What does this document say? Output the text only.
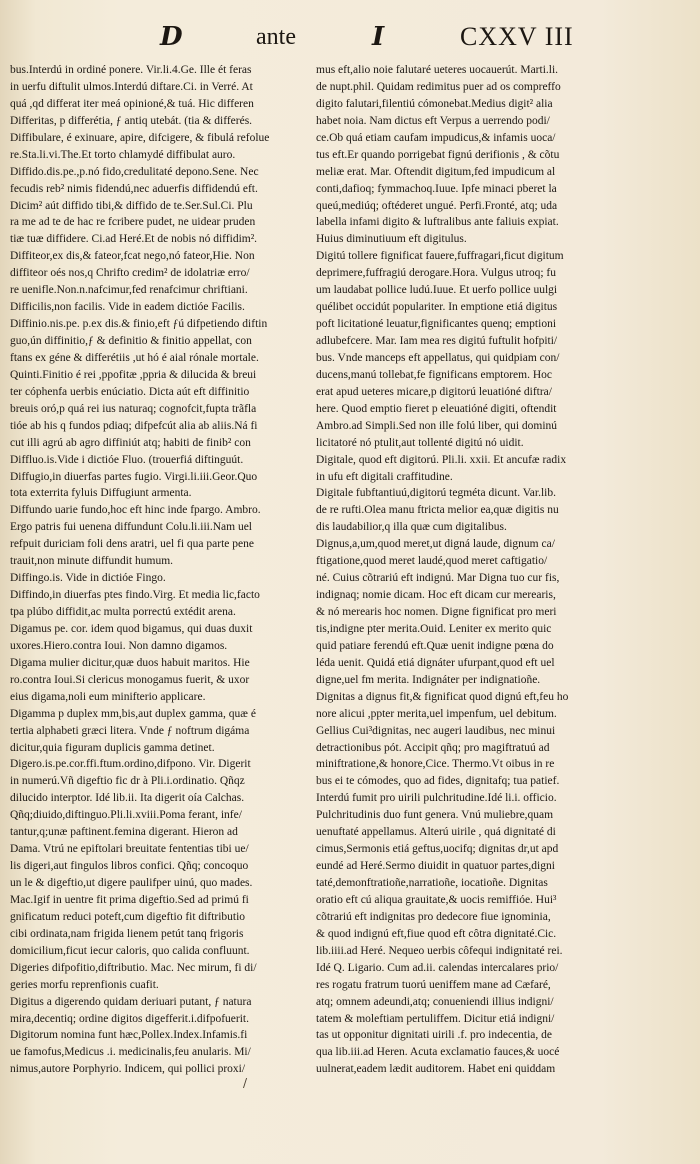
D	ante	I	CXXV III
bus.Interdú in ordiné ponere. Vir.li.4.Ge. Ille ét feras
in uerfu diftulit ulmos.Interdú diftare.Ci. in Verré. At
quá ,qd differat iter meá opinioné,& tuá. Hic differen
Differitas, p differétia, ƒ antiq utebát. (tia & differés.
Diffibulare, é exinuare, apire, difcigere, & fibulá refolue
re.Sta.li.vi.The.Et torto chlamydé diffibulat auro.
Diffido.dis.pe.,p.nó fido,credulitaté depono.Sene. Nec
fecudis reb² nimis fidendú,nec aduerfis diffidendú eft.
Dicim² aút diffido tibi,& diffido de te.Ser.Sul.Ci. Plu
ra me ad te de hac re fcribere pudet, ne uidear pruden
tiæ tuæ diffidere. Ci.ad Heré.Et de nobis nó diffidim².
Diffiteor,ex dis,& fateor,fcat nego,nó fateor,Hie. Non
diffiteor oés nos,q Chrifto credim² de idolatriæ erro/
re uenifle.Non.n.nafcimur,fed renafcimur chriftiani.
Difficilis,non facilis. Vide in eadem dictióe Facilis.
Diffinio.nis.pe. p.ex dis.& finio,eft ƒú difpetiendo diftin
guo,ún diffinitio,ƒ & definitio & finitio appellat, con
ftans ex géne & differétiis ,ut hó é aial rónale mortale.
Quinti.Finitio é rei ,ppofitæ ,ppria & dilucida & breui
ter cóphenfa uerbis enúciatio. Dicta aút eft diffinitio
breuis oró,p quá rei ius naturaq; cognofcit,fupta trãfla
tióe ab his q fundos pdiaq; difpefcút alia ab aliis.Ná fi
cut illi agrú ab agro diffiniút atq; habiti de finib² con
Diffluo.is.Vide i dictióe Fluo. (trouerfiá diftinguút.
Diffugio,in diuerfas partes fugio. Virgi.li.iii.Geor.Quo
tota exterrita fyluis Diffugiunt armenta.
Diffundo uarie fundo,hoc eft hinc inde fpargo. Ambro.
Ergo patris fui uenena diffundunt Colu.li.iii.Nam uel
refpuit duriciam foli dens aratri, uel fi qua parte pene
trauit,non minute diffundit humum.
Diffingo.is. Vide in dictióe Fingo.
Diffindo,in diuerfas ptes findo.Virg. Et media lic,facto
tpa plúbo diffidit,ac multa porrectú extédit arena.
Digamus pe. cor. idem quod bigamus, qui duas duxit
uxores.Hiero.contra Ioui. Non damno digamos.
Digama mulier dicitur,quæ duos habuit maritos. Hie
ro.contra Ioui.Si clericus monogamus fuerit, & uxor
eius digama,noli eum minifterio applicare.
Digamma p duplex mm,bis,aut duplex gamma, quæ é
tertia alphabeti græci litera. Vnde ƒ noftrum digáma
dicitur,quia figuram duplicis gamma detinet.
Digero.is.pe.cor.ffi.ftum.ordino,difpono. Vir. Digerit
in numerú.Vñ digeftio fic dr à Pli.i.ordinatio. Qñqz
dilucido interptor. Idé lib.ii. Ita digerit oía Calchas.
Qñq;diuido,diftinguo.Pli.li.xviii.Poma ferant, infe/
tantur,q;unæ paftinent.femina digerant. Hieron ad
Dama. Vtrú ne epiftolari breuitate fententias tibi ue/
lis digeri,aut fingulos libros confici. Qñq; concoquo
un le & digeftio,ut digere paulifper uinú, quo mades.
Mac.Igif in uentre fit prima digeftio.Sed ad primú fi
gnificatum reduci poteft,cum digeftio fit diftributio
cibi ordinata,nam frigida lienem petút tanq frigoris
domicilium,ficut iecur caloris, quo calida confluunt.
Digeries difpofitio,diftributio. Mac. Nec mirum, fi di/
geries morfu reprenfionis cuafit.
Digitus a digerendo quidam deriuari putant, ƒ natura
mira,decentiq; ordine digitos digefferit.i.difpofuerit.
Digitorum nomina funt hæc,Pollex.Index.Infamis.fi
ue famofus,Medicus .i. medicinalis,feu anularis. Mi/
nimus,autore Porphyrio. Indicem, qui pollici proxi/
mus eft,alio noie falutaré ueteres uocauerút. Marti.li.
de nupt.phil. Quidam redimitus puer ad os compreffo
digito falutari,filentiú cómonebat.Medius digit² alia
habet noia. Nam dictus eft Verpus a uerrendo podi/
ce.Ob quá etiam caufam impudicus,& infamis uoca/
tus eft.Er quando porrigebat fignú derifionis , & cõtu
meliæ erat. Mar. Oftendit digitum,fed impudicum al
conti,dafioq; fymmachoq.Iuue. Ipfe minaci pberet la
queú,mediúq; oftéderet ungué. Perfi.Fronté, atq; uda
labella infami digito & luftralibus ante faliuis expiat.
Huius diminutiuum eft digitulus.
Digitú tollere fignificat fauere,fuffragari,ficut digitum
deprimere,fuffragiú derogare.Hora. Vulgus utroq; fu
um laudabat pollice ludú.Iuue. Et uerfo pollice uulgi
quélibet occidút populariter. In emptione etiá digitus
poft licitationé leuatur,fignificantes quenq; emptioni
adlubefcere. Mar. Iam mea res digitú fuftulit hofpiti/
bus. Vnde manceps eft appellatus, qui quidpiam con/
ducens,manú tollebat,fe fignificans emptorem. Hoc
erat apud ueteres micare,p digitorú leuatióné diftra/
here. Quod emptio fieret p eleuatióné digiti, oftendit
Ambro.ad Simpli.Sed non ille folú liber, qui dominú
licitatoré nó ptulit,aut tollenté digitú nó uidit.
Digitale, quod eft digitorú. Pli.li. xxii. Et ancufæ radix
in ufu eft digitali craffitudine.
Digitale fubftantiuú,digitorú tegméta dicunt. Var.lib.
de re rufti.Olea manu ftricta melior ea,quæ digitis nu
dis laudabilior,q illa quæ cum digitalibus.
Dignus,a,um,quod meret,ut digná laude, dignum ca/
ftigatione,quod meret laudé,quod meret caftigatio/
né. Cuius cõtrariú eft indignú. Mar Digna tuo cur fis,
indignaq; nomie dicam. Hoc eft dicam cur merearis,
& nó merearis hoc nomen. Digne fignificat pro meri
tis,indigne pter merita.Ouid. Leniter ex merito quic
quid patiare ferendú eft.Quæ uenit indigne pœna do
léda uenit. Quidá etiá dignáter ufurpant,quod eft uel
digne,uel fm merita. Indignáter per indignatioñe.
Dignitas a dignus fit,& fignificat quod dignú eft,feu ho
nore alicui ,ppter merita,uel impenfum, uel debitum.
Gellius Cui³dignitas, nec augeri laudibus, nec minui
detractionibus pót. Accipit qñq; pro magiftratuú ad
miniftratione,& honore,Cice. Thermo.Vt oibus in re
bus ei te cómodes, quo ad fides, dignitafq; tua patief.
Interdú fumit pro uirili pulchritudine.Idé li.i. officio.
Pulchritudinis duo funt genera. Vnú muliebre,quam
uenuftaté appellamus. Alterú uirile , quá dignitaté di
cimus,Sermonis etiá geftus,uocifq; dignitas dr,ut apd
eundé ad Heré.Sermo diuidit in quatuor partes,digni
taté,demonftratioñe,narratioñe, iocatioñe. Dignitas
oratio eft cú aliqua grauitate,& uocis remiffióe. Hui³
cõtrariú eft indignitas pro dedecore fiue ignominia,
& quod indignú eft,fiue quod eft côtra dignitaté.Cic.
lib.iiii.ad Heré. Nequeo uerbis côfequi indignitaté rei.
Idé Q. Ligario. Cum ad.ii. calendas intercalares prio/
res rogatu fratrum tuorú ueniffem mane ad Cæfaré,
atq; omnem adeundi,atq; conueniendi illius indigni/
tatem & moleftiam pertuliffem. Dicitur etiá indigni/
tas ut opponitur dignitati uirili .f. pro indecentia, de
qua lib.iii.ad Heren. Acuta exclamatio fauces,& uocé
uulnerat,eadem lædit auditorem. Habet eni quiddam
/
